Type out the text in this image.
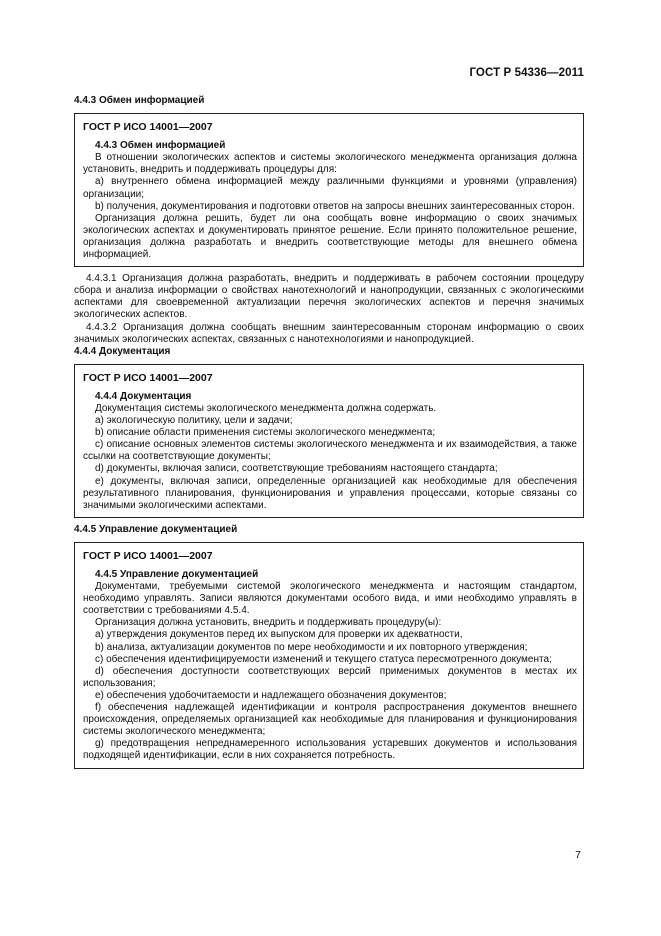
ГОСТ Р 54336—2011

4.4.3 Обмен информацией

ГОСТ Р ИСО 14001—2007

4.4.3 Обмен информацией

В отношении экологических аспектов и системы экологического менеджмента организация должна установить, внедрить и поддерживать процедуры для:

a) внутреннего обмена информацией между различными функциями и уровнями (управления) организации;

b) получения, документирования и подготовки ответов на запросы внешних заинтересованных сторон.

Организация должна решить, будет ли она сообщать вовне информацию о своих значимых экологических аспектах и документировать принятое решение. Если принято положительное решение, организация должна разработать и внедрить соответствующие методы для внешнего обмена информацией.

4.4.3.1 Организация должна разработать, внедрить и поддерживать в рабочем состоянии процедуру сбора и анализа информации о свойствах нанотехнологий и нанопродукции, связанных с экологическими аспектами для своевременной актуализации перечня экологических аспектов и перечня значимых экологических аспектов.

4.4.3.2 Организация должна сообщать внешним заинтересованным сторонам информацию о своих значимых экологических аспектах, связанных с нанотехнологиями и нанопродукцией.

4.4.4 Документация

ГОСТ Р ИСО 14001—2007

4.4.4 Документация

Документация системы экологического менеджмента должна содержать.

a) экологическую политику, цели и задачи;

b) описание области применения системы экологического менеджмента;

c) описание основных элементов системы экологического менеджмента и их взаимодействия, а также ссылки на соответствующие документы;

d) документы, включая записи, соответствующие требованиям настоящего стандарта;

e) документы, включая записи, определенные организацией как необходимые для обеспечения результативного планирования, функционирования и управления процессами, которые связаны со значимыми экологическими аспектами.

4.4.5 Управление документацией

ГОСТ Р ИСО 14001—2007

4.4.5 Управление документацией

Документами, требуемыми системой экологического менеджмента и настоящим стандартом, необходимо управлять. Записи являются документами особого вида, и ими необходимо управлять в соответствии с требованиями 4.5.4.

Организация должна установить, внедрить и поддерживать процедуру(ы):

a) утверждения документов перед их выпуском для проверки их адекватности,

b) анализа, актуализации документов по мере необходимости и их повторного утверждения;

c) обеспечения идентифицируемости изменений и текущего статуса пересмотренного документа;

d) обеспечения доступности соответствующих версий применимых документов в местах их использования;

e) обеспечения удобочитаемости и надлежащего обозначения документов;

f) обеспечения надлежащей идентификации и контроля распространения документов внешнего происхождения, определяемых организацией как необходимые для планирования и функционирования системы экологического менеджмента;

g) предотвращения непреднамеренного использования устаревших документов и использования подходящей идентификации, если в них сохраняется потребность.

7
